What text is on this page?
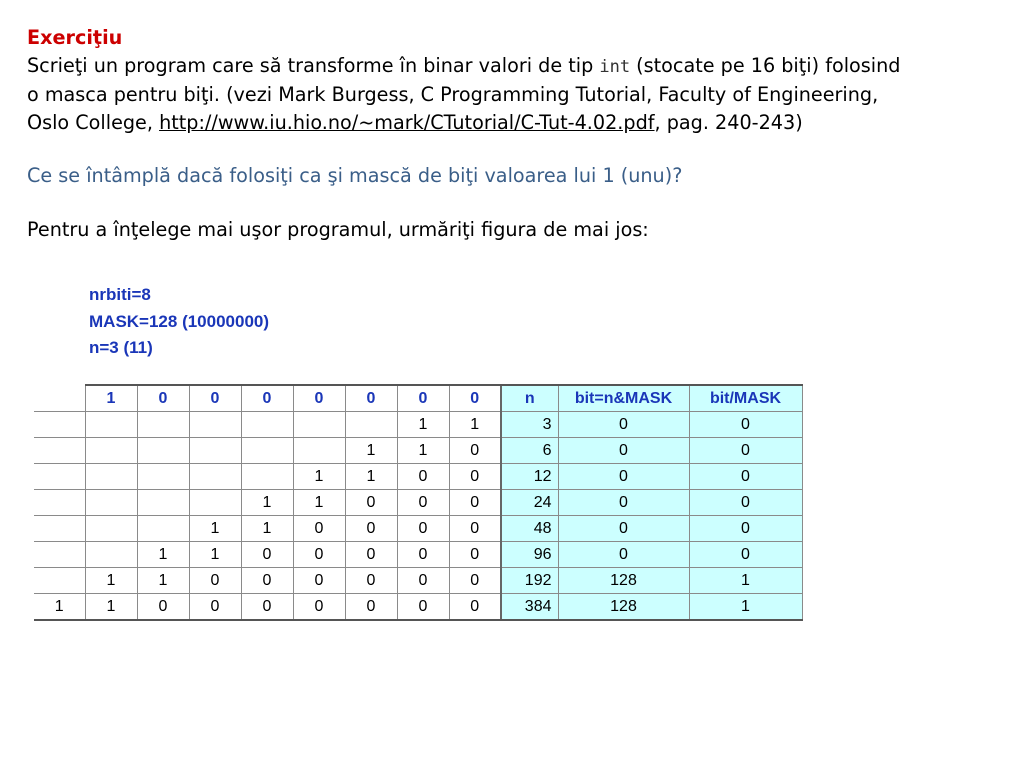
Exerciţiu
Scrieţi un program care să transforme în binar valori de tip int (stocate pe 16 biţi) folosind o masca pentru biţi. (vezi Mark Burgess, C Programming Tutorial, Faculty of Engineering, Oslo College, http://www.iu.hio.no/~mark/CTutorial/C-Tut-4.02.pdf, pag. 240-243)
Ce se întâmplă dacă folosiţi ca şi mască de biţi valoarea lui 1 (unu)?
Pentru a înţelege mai uşor programul, urmăriţi figura de mai jos:
nrbiti=8
MASK=128 (10000000)
n=3 (11)
	1	0	0	0	0	0	0	0	n	bit=n&MASK	bit/MASK
							1	1	3	0	0
						1	1	0	6	0	0
					1	1	0	0	12	0	0
				1	1	0	0	0	24	0	0
			1	1	0	0	0	0	48	0	0
		1	1	0	0	0	0	0	96	0	0
	1	1	0	0	0	0	0	0	192	128	1
1	1	0	0	0	0	0	0	0	384	128	1
